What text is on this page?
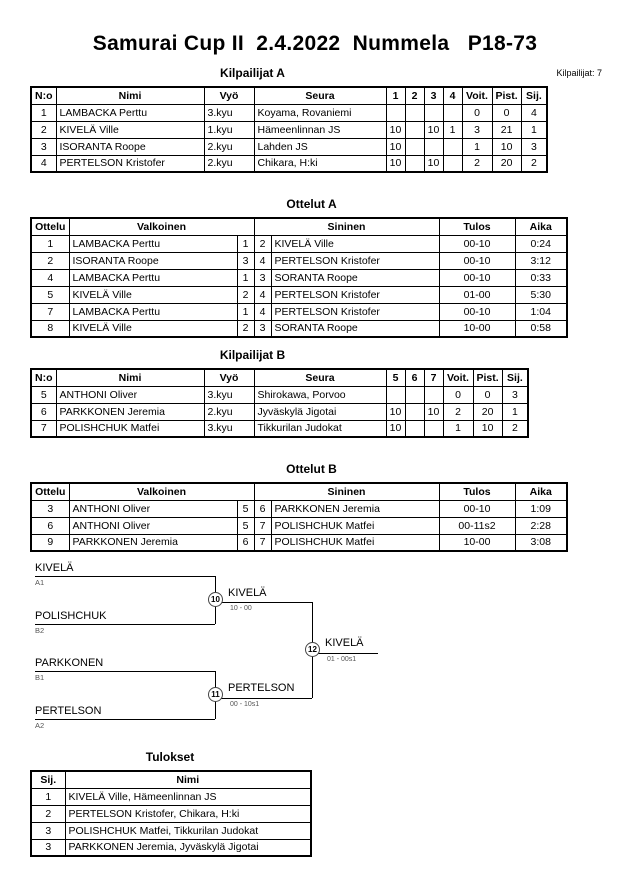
Samurai Cup II  2.4.2022  Nummela   P18-73
Kilpailijat: 7
Kilpailijat A
N:o	Nimi	Vyö	Seura	1	2	3	4	Voit.	Pist.	Sij.
1	LAMBACKA Perttu	3.kyu	Koyama, Rovaniemi					0	0	4
2	KIVELÄ Ville	1.kyu	Hämeenlinnan JS	10		10	1	3	21	1
3	ISORANTA Roope	2.kyu	Lahden JS	10				1	10	3
4	PERTELSON Kristofer	2.kyu	Chikara, H:ki	10		10		2	20	2
Ottelut A
Ottelu	Valkoinen		Sininen		Tulos	Aika
1	LAMBACKA Perttu	1	2	KIVELÄ Ville	00-10	0:24
2	ISORANTA Roope	3	4	PERTELSON Kristofer	00-10	3:12
4	LAMBACKA Perttu	1	3	SORANTA Roope	00-10	0:33
5	KIVELÄ Ville	2	4	PERTELSON Kristofer	01-00	5:30
7	LAMBACKA Perttu	1	4	PERTELSON Kristofer	00-10	1:04
8	KIVELÄ Ville	2	3	SORANTA Roope	10-00	0:58
Kilpailijat B
N:o	Nimi	Vyö	Seura	5	6	7	Voit.	Pist.	Sij.
5	ANTHONI Oliver	3.kyu	Shirokawa, Porvoo				0	0	3
6	PARKKONEN Jeremia	2.kyu	Jyväskylä Jigotai	10		10	2	20	1
7	POLISHCHUK Matfei	3.kyu	Tikkurilan Judokat	10			1	10	2
Ottelut B
Ottelu	Valkoinen		Sininen		Tulos	Aika
3	ANTHONI Oliver	5	6	PARKKONEN Jeremia	00-10	1:09
6	ANTHONI Oliver	5	7	POLISHCHUK Matfei	00-11s2	2:28
9	PARKKONEN Jeremia	6	7	POLISHCHUK Matfei	10-00	3:08
KIVELÄ
A1
POLISHCHUK
B2
10
KIVELÄ
10 - 00
PARKKONEN
B1
PERTELSON
A2
11
PERTELSON
00 - 10s1
12
KIVELÄ
01 - 00s1
Tulokset
Sij.	Nimi
1	KIVELÄ Ville, Hämeenlinnan JS
2	PERTELSON Kristofer, Chikara, H:ki
3	POLISHCHUK Matfei, Tikkurilan Judokat
3	PARKKONEN Jeremia, Jyväskylä Jigotai
